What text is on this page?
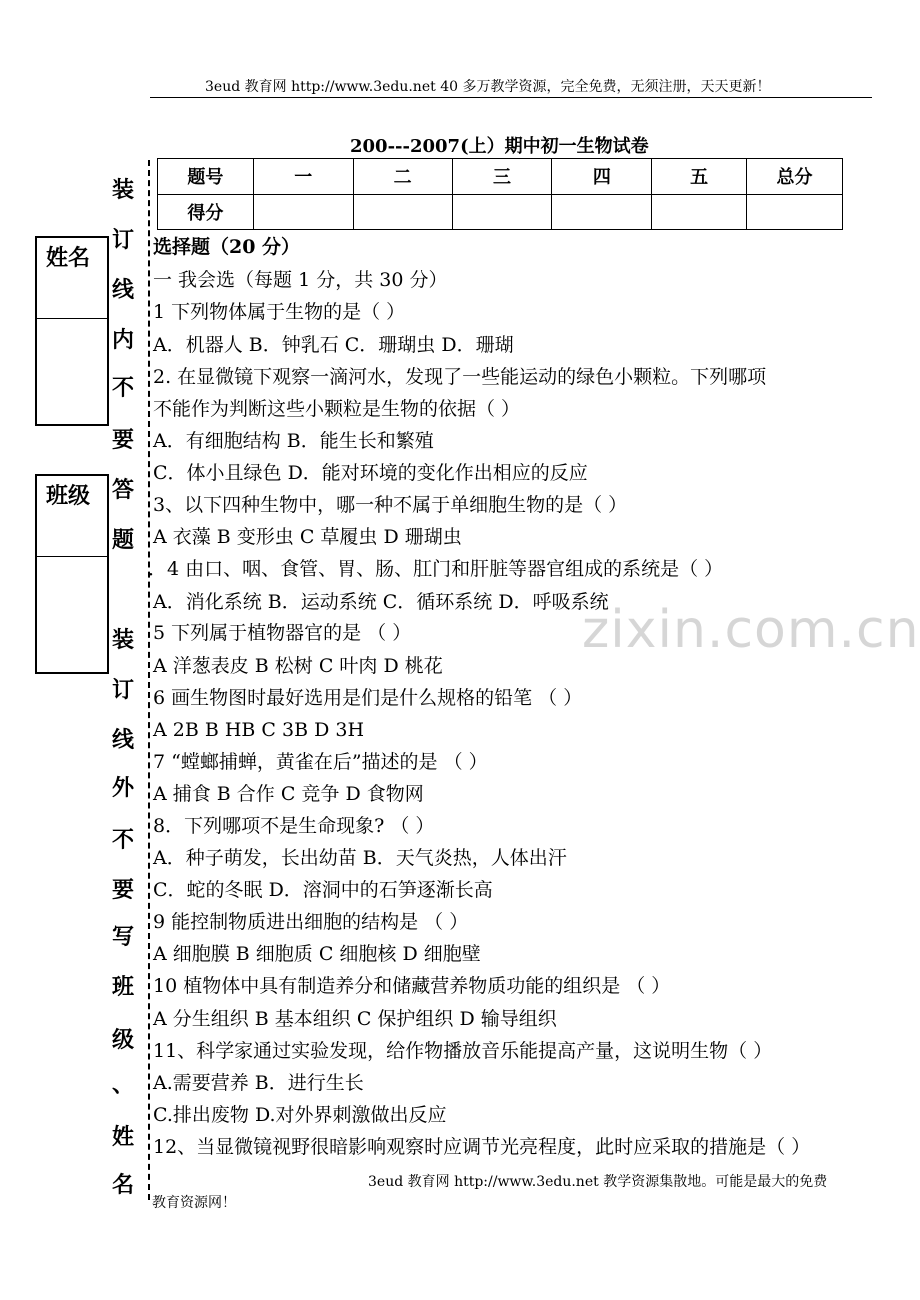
3eud 教育网 http://www.3edu.net 40 多万教学资源，完全免费，无须注册，天天更新！
200---2007(上）期中初一生物试卷
题号	一	二	三	四	五	总分
得分						
装
订
线
内
不
要
答
题
装
订
线
外
不
要
写
班
级
、
姓
名
姓名
班级
zixin.com.cn
选择题（20 分）
一 我会选（每题 1 分，共 30 分）
1 下列物体属于生物的是（ ）
A．机器人 B．钟乳石 C．珊瑚虫 D．珊瑚
2. 在显微镜下观察一滴河水，发现了一些能运动的绿色小颗粒。下列哪项
不能作为判断这些小颗粒是生物的依据（ ）
A．有细胞结构 B．能生长和繁殖
C．体小且绿色 D．能对环境的变化作出相应的反应
3、以下四种生物中，哪一种不属于单细胞生物的是（ ）
A 衣藻 B 变形虫 C 草履虫 D 珊瑚虫
．4 由口、咽、食管、胃、肠、肛门和肝脏等器官组成的系统是（ ）
A．消化系统 B．运动系统 C．循环系统 D．呼吸系统
5 下列属于植物器官的是 （ ）
A 洋葱表皮 B 松树 C 叶肉 D 桃花
6 画生物图时最好选用是们是什么规格的铅笔 （ ）
A 2B B HB C 3B D 3H
7 “螳螂捕蝉，黄雀在后”描述的是 （ ）
A 捕食 B 合作 C 竞争 D 食物网
8．下列哪项不是生命现象? （ ）
A．种子萌发，长出幼苗 B．天气炎热，人体出汗
C．蛇的冬眠 D．溶洞中的石笋逐渐长高
9 能控制物质进出细胞的结构是 （ ）
A 细胞膜 B 细胞质 C 细胞核 D 细胞壁
10 植物体中具有制造养分和储藏营养物质功能的组织是 （ ）
A 分生组织 B 基本组织 C 保护组织 D 输导组织
11、科学家通过实验发现，给作物播放音乐能提高产量，这说明生物（ ）
A.需要营养 B．进行生长
C.排出废物 D.对外界刺激做出反应
12、当显微镜视野很暗影响观察时应调节光亮程度，此时应采取的措施是（ ）
3eud 教育网 http://www.3edu.net 教学资源集散地。可能是最大的免费
教育资源网！
